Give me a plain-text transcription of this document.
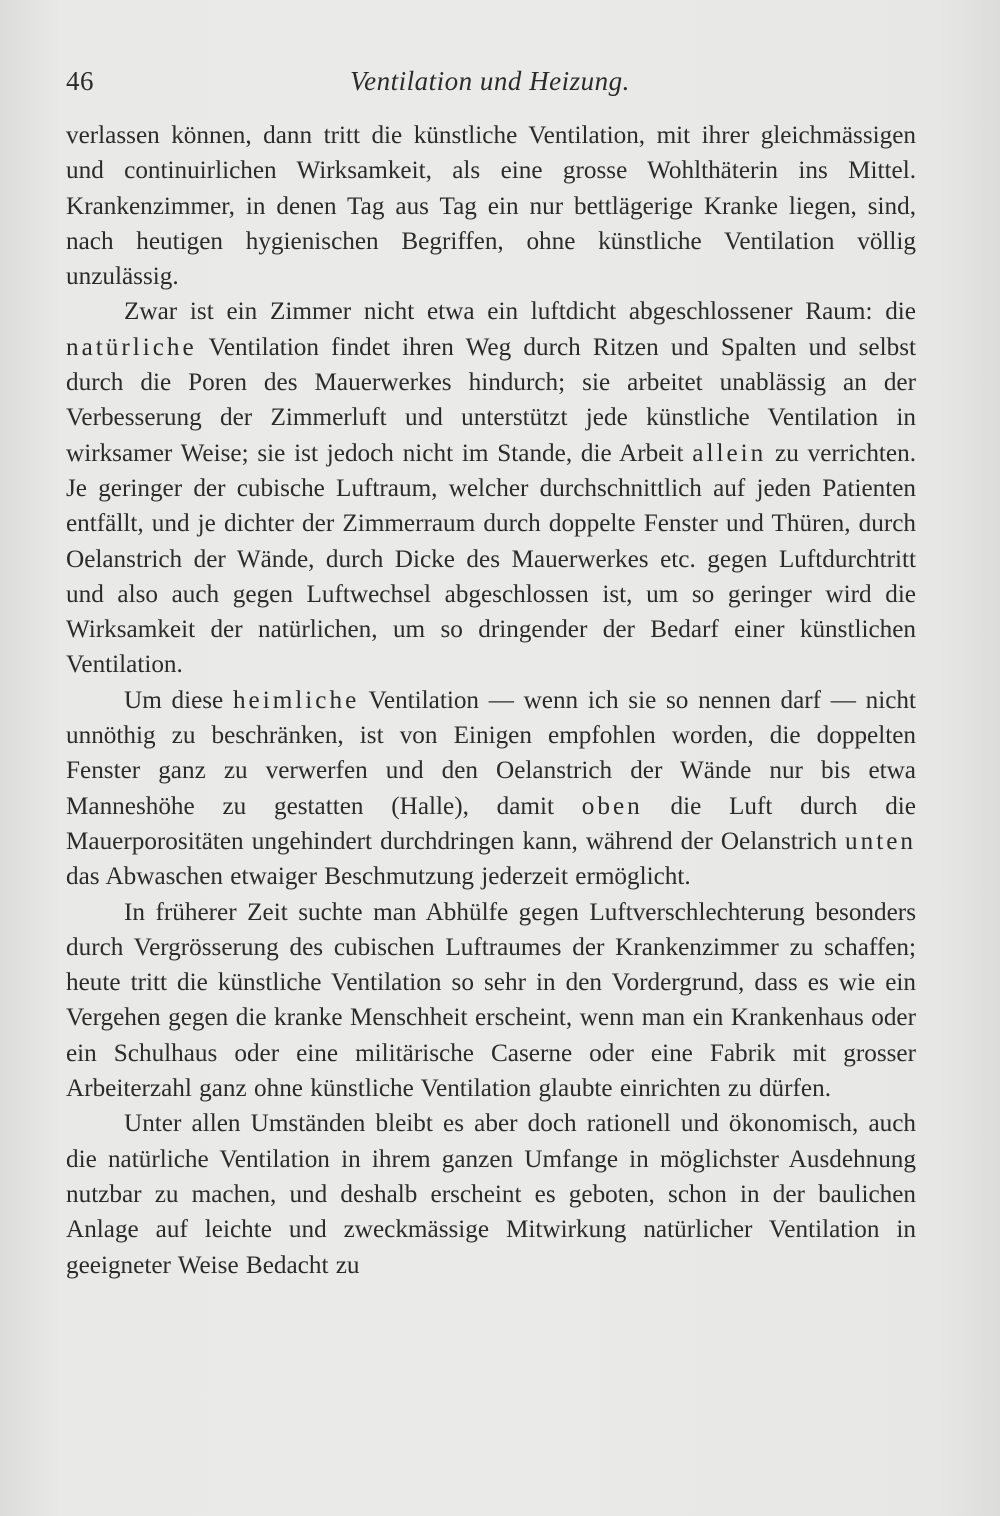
46	Ventilation und Heizung.

verlassen können, dann tritt die künstliche Ventilation, mit ihrer gleichmässigen und continuirlichen Wirksamkeit, als eine grosse Wohlthäterin ins Mittel. Krankenzimmer, in denen Tag aus Tag ein nur bettlägerige Kranke liegen, sind, nach heutigen hygienischen Begriffen, ohne künstliche Ventilation völlig unzulässig.

Zwar ist ein Zimmer nicht etwa ein luftdicht abgeschlossener Raum: die natürliche Ventilation findet ihren Weg durch Ritzen und Spalten und selbst durch die Poren des Mauerwerkes hindurch; sie arbeitet unablässig an der Verbesserung der Zimmerluft und unterstützt jede künstliche Ventilation in wirksamer Weise; sie ist jedoch nicht im Stande, die Arbeit allein zu verrichten. Je geringer der cubische Luftraum, welcher durchschnittlich auf jeden Patienten entfällt, und je dichter der Zimmerraum durch doppelte Fenster und Thüren, durch Oelanstrich der Wände, durch Dicke des Mauerwerkes etc. gegen Luftdurchtritt und also auch gegen Luftwechsel abgeschlossen ist, um so geringer wird die Wirksamkeit der natürlichen, um so dringender der Bedarf einer künstlichen Ventilation.

Um diese heimliche Ventilation — wenn ich sie so nennen darf — nicht unnöthig zu beschränken, ist von Einigen empfohlen worden, die doppelten Fenster ganz zu verwerfen und den Oelanstrich der Wände nur bis etwa Manneshöhe zu gestatten (Halle), damit oben die Luft durch die Mauerporositäten ungehindert durchdringen kann, während der Oelanstrich unten das Abwaschen etwaiger Beschmutzung jederzeit ermöglicht.

In früherer Zeit suchte man Abhülfe gegen Luftverschlechterung besonders durch Vergrösserung des cubischen Luftraumes der Krankenzimmer zu schaffen; heute tritt die künstliche Ventilation so sehr in den Vordergrund, dass es wie ein Vergehen gegen die kranke Menschheit erscheint, wenn man ein Krankenhaus oder ein Schulhaus oder eine militärische Caserne oder eine Fabrik mit grosser Arbeiterzahl ganz ohne künstliche Ventilation glaubte einrichten zu dürfen.

Unter allen Umständen bleibt es aber doch rationell und ökonomisch, auch die natürliche Ventilation in ihrem ganzen Umfange in möglichster Ausdehnung nutzbar zu machen, und deshalb erscheint es geboten, schon in der baulichen Anlage auf leichte und zweckmässige Mitwirkung natürlicher Ventilation in geeigneter Weise Bedacht zu
